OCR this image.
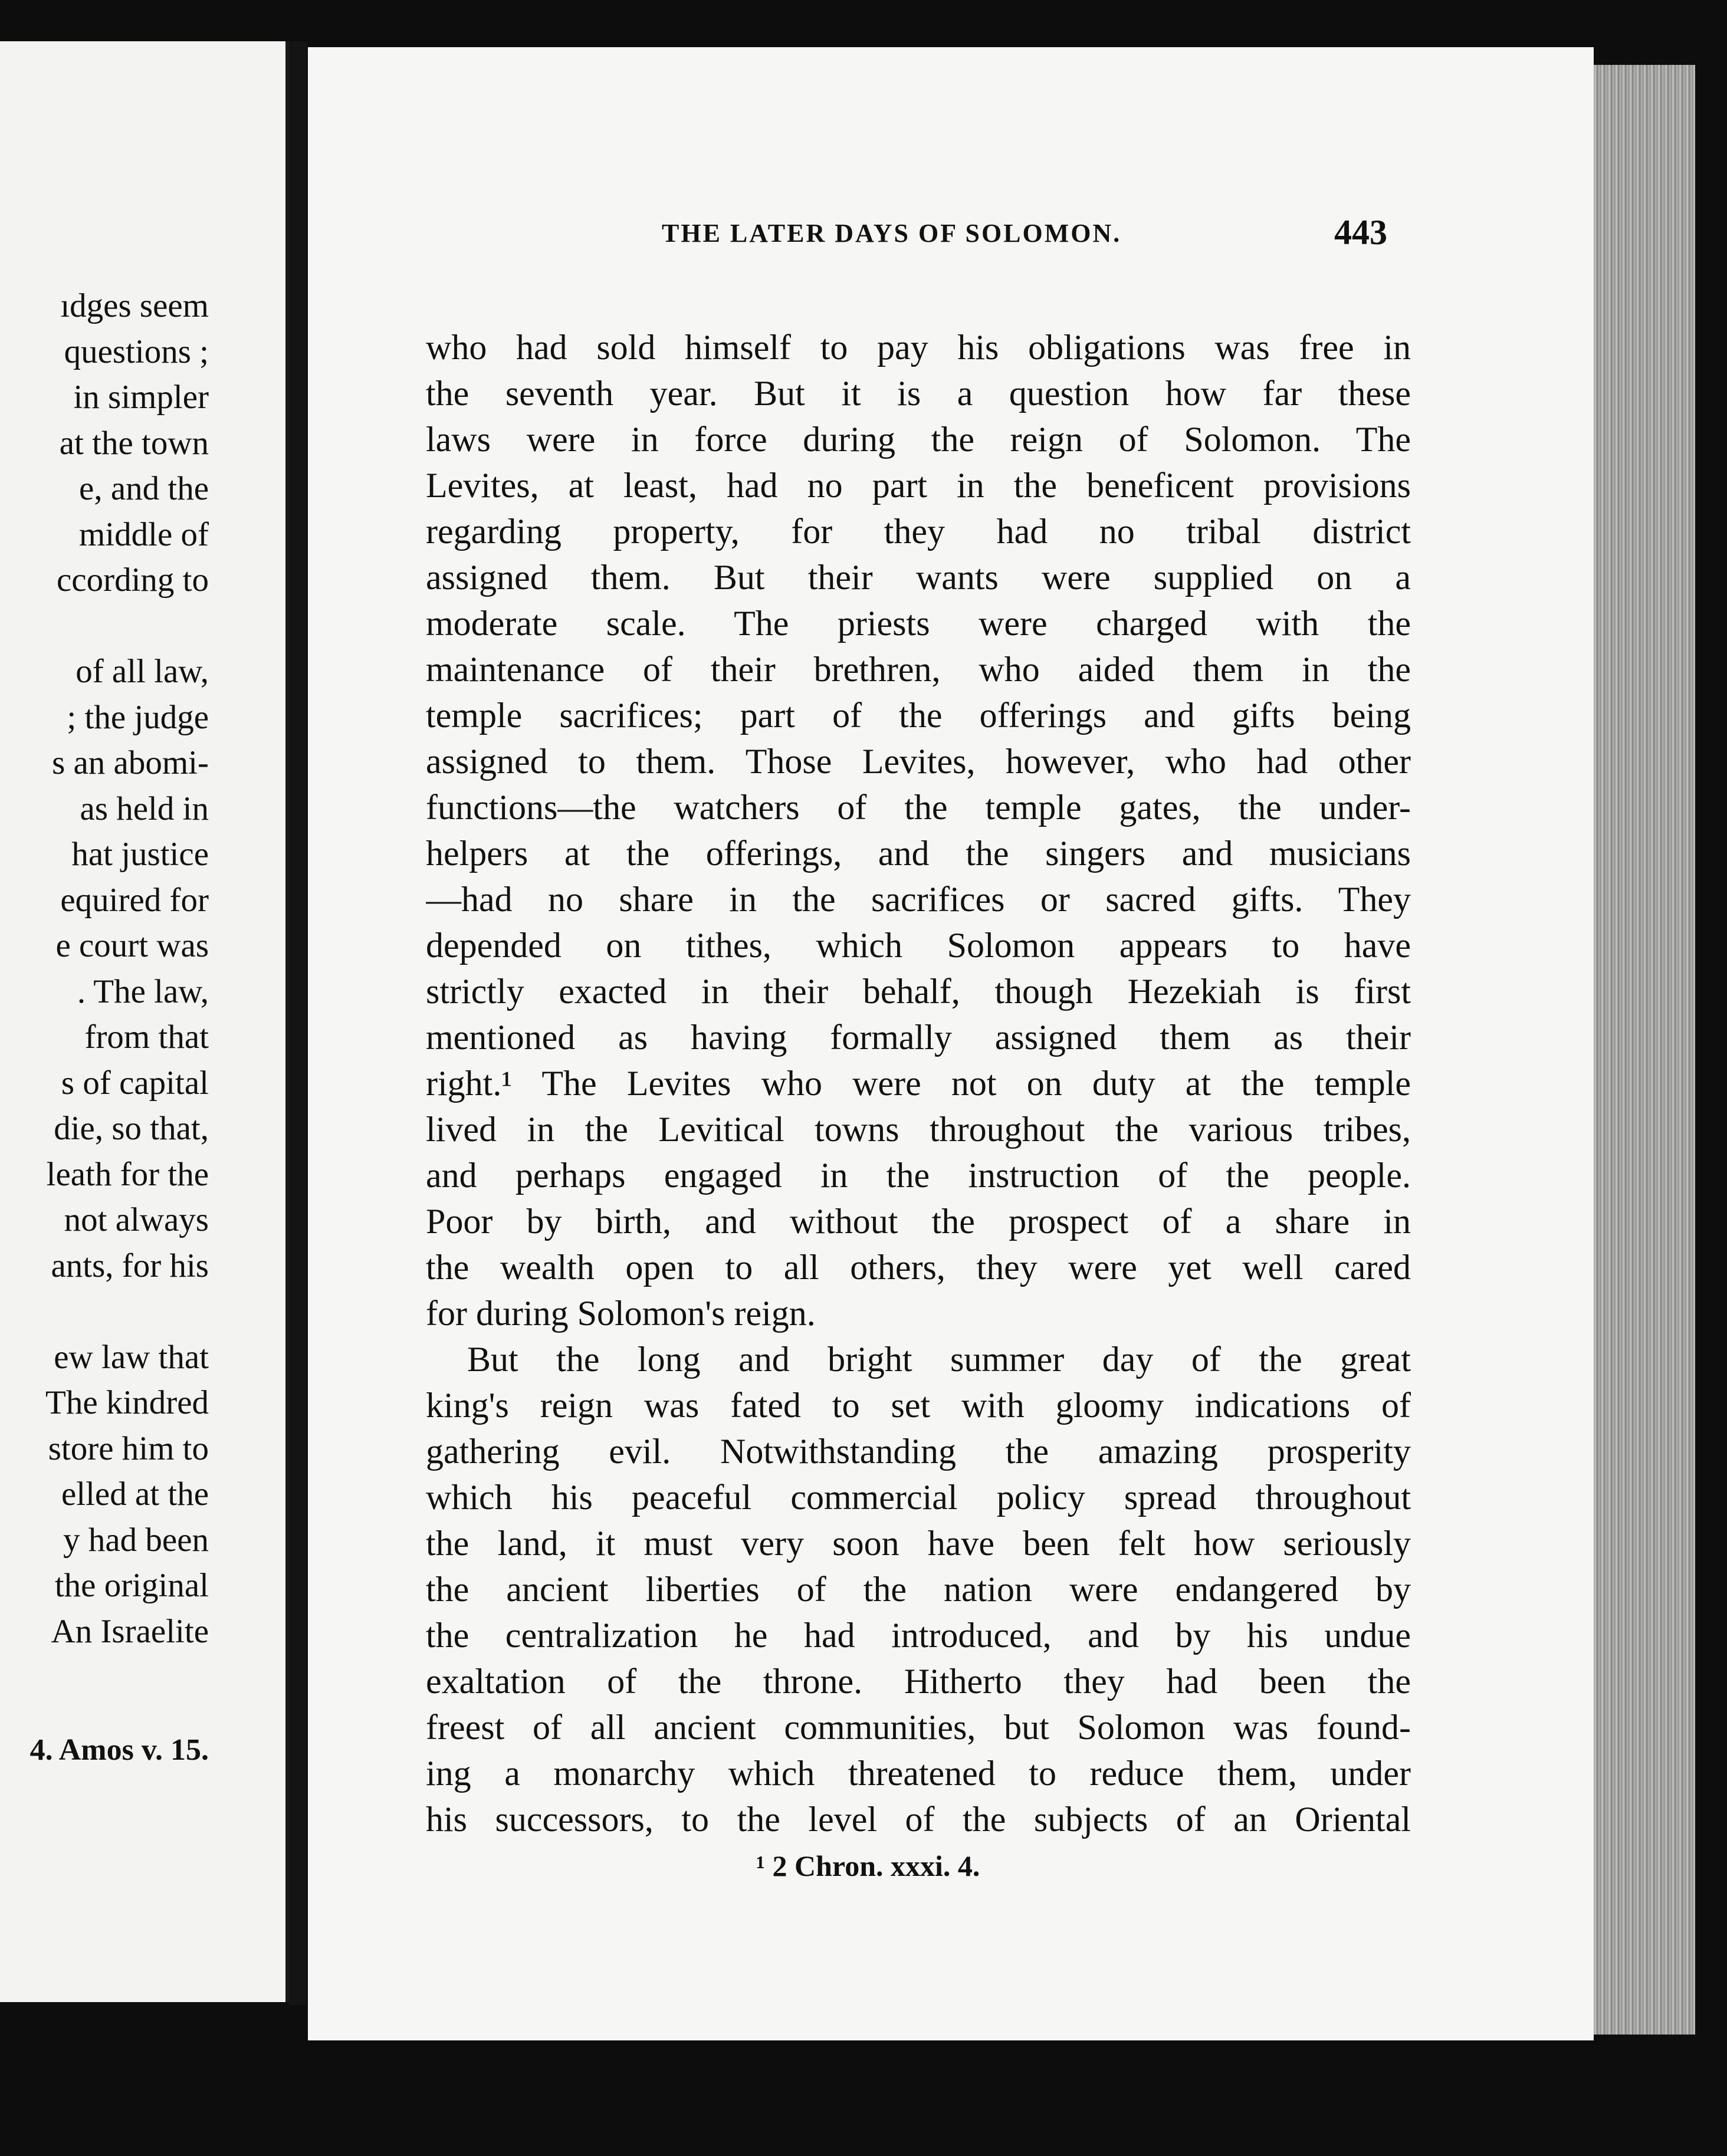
ıdges seem
questions ;
in simpler
at the town
e, and the
middle of
ccording to
of all law,
; the judge
s an abomi-
as held in
hat justice
equired for
e court was
. The law,
from that
s of capital
die, so that,
leath for the
not always
ants, for his
ew law that
The kindred
store him to
elled at the
y had been
the original
An Israelite
4. Amos v. 15.
THE LATER DAYS OF SOLOMON.	443
who had sold himself to pay his obligations was free in
the seventh year. But it is a question how far these
laws were in force during the reign of Solomon. The
Levites, at least, had no part in the beneficent provisions
regarding property, for they had no tribal district
assigned them. But their wants were supplied on a
moderate scale. The priests were charged with the
maintenance of their brethren, who aided them in the
temple sacrifices; part of the offerings and gifts being
assigned to them. Those Levites, however, who had other
functions—the watchers of the temple gates, the under-
helpers at the offerings, and the singers and musicians
—had no share in the sacrifices or sacred gifts. They
depended on tithes, which Solomon appears to have
strictly exacted in their behalf, though Hezekiah is first
mentioned as having formally assigned them as their
right.¹ The Levites who were not on duty at the temple
lived in the Levitical towns throughout the various tribes,
and perhaps engaged in the instruction of the people.
Poor by birth, and without the prospect of a share in
the wealth open to all others, they were yet well cared
for during Solomon's reign.
But the long and bright summer day of the great
king's reign was fated to set with gloomy indications of
gathering evil. Notwithstanding the amazing prosperity
which his peaceful commercial policy spread throughout
the land, it must very soon have been felt how seriously
the ancient liberties of the nation were endangered by
the centralization he had introduced, and by his undue
exaltation of the throne. Hitherto they had been the
freest of all ancient communities, but Solomon was found-
ing a monarchy which threatened to reduce them, under
his successors, to the level of the subjects of an Oriental
¹ 2 Chron. xxxi. 4.
